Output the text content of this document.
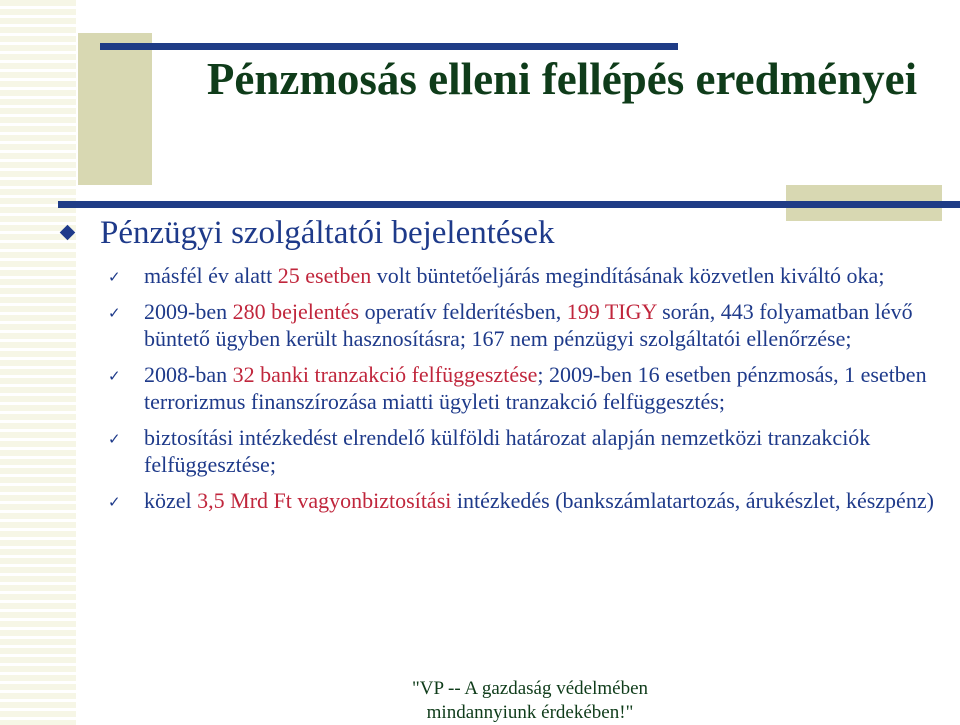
Pénzmosás elleni fellépés eredményei
Pénzügyi szolgáltatói bejelentések
✓ másfél év alatt 25 esetben volt büntetőeljárás megindításának közvetlen kiváltó oka;
✓ 2009-ben 280 bejelentés operatív felderítésben, 199 TIGY során, 443 folyamatban lévő büntető ügyben került hasznosításra; 167 nem pénzügyi szolgáltatói ellenőrzése;
✓ 2008-ban 32 banki tranzakció felfüggesztése; 2009-ben 16 esetben pénzmosás, 1 esetben terrorizmus finanszírozása miatti ügyleti tranzakció felfüggesztés;
✓ biztosítási intézkedést elrendelő külföldi határozat alapján nemzetközi tranzakciók felfüggesztése;
✓ közel 3,5 Mrd Ft vagyonbiztosítási intézkedés (bankszámlatartozás, árukészlet, készpénz)
"VP -- A gazdaság védelmében
mindannyiunk érdekében!"
